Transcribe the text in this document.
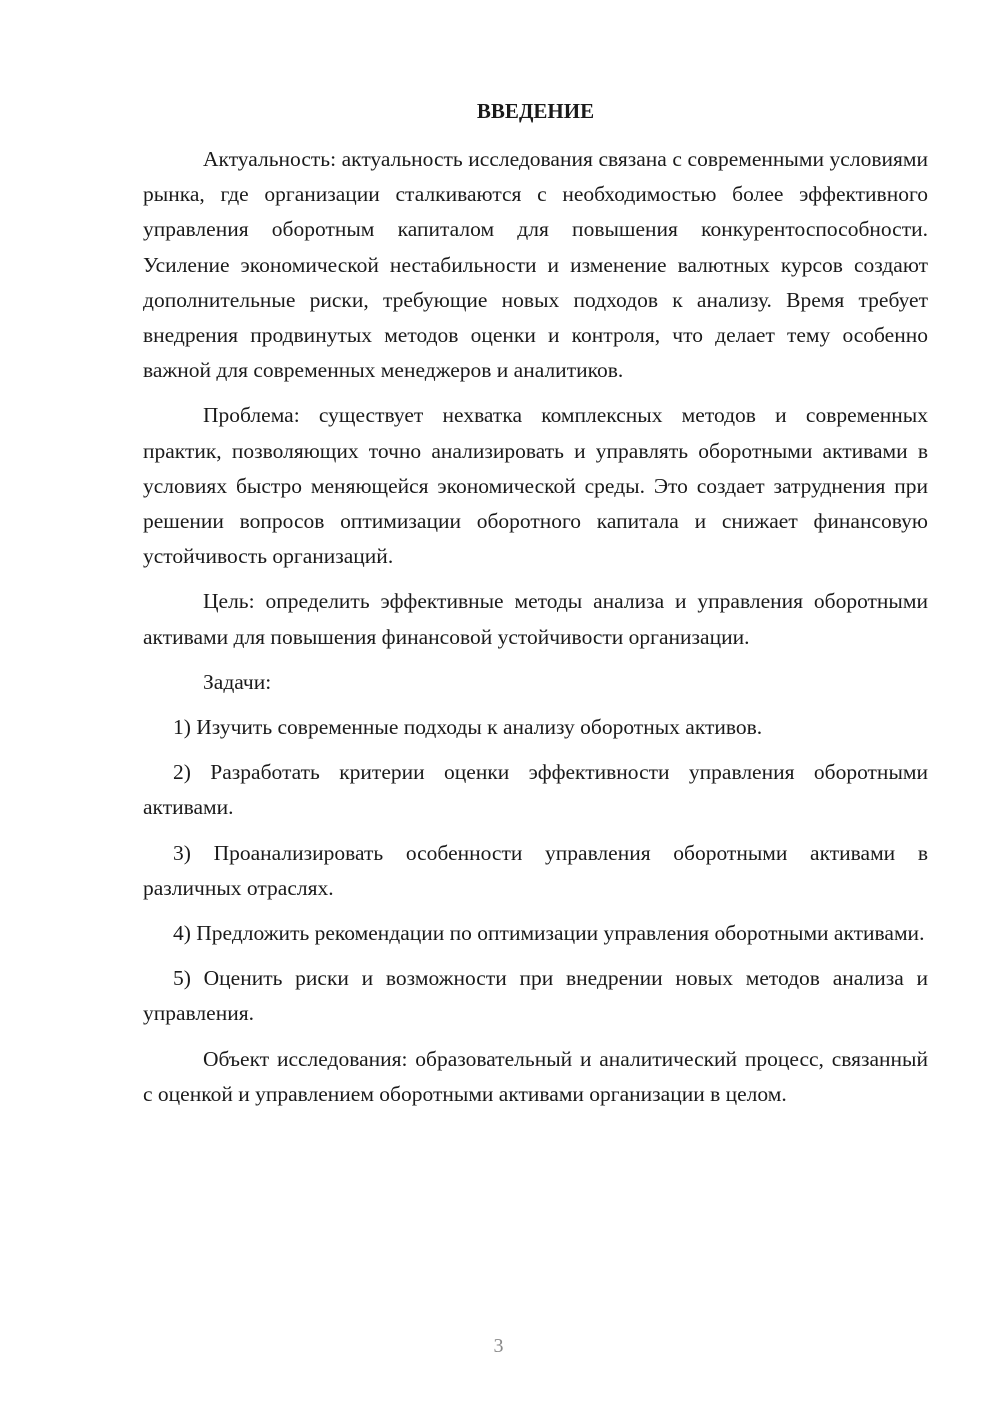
ВВЕДЕНИЕ

Актуальность: актуальность исследования связана с современными условиями рынка, где организации сталкиваются с необходимостью более эффективного управления оборотным капиталом для повышения конкурентоспособности. Усиление экономической нестабильности и изменение валютных курсов создают дополнительные риски, требующие новых подходов к анализу. Время требует внедрения продвинутых методов оценки и контроля, что делает тему особенно важной для современных менеджеров и аналитиков.

Проблема: существует нехватка комплексных методов и современных практик, позволяющих точно анализировать и управлять оборотными активами в условиях быстро меняющейся экономической среды. Это создает затруднения при решении вопросов оптимизации оборотного капитала и снижает финансовую устойчивость организаций.

Цель: определить эффективные методы анализа и управления оборотными активами для повышения финансовой устойчивости организации.

Задачи:

1) Изучить современные подходы к анализу оборотных активов.

2) Разработать критерии оценки эффективности управления оборотными активами.

3) Проанализировать особенности управления оборотными активами в различных отраслях.

4) Предложить рекомендации по оптимизации управления оборотными активами.

5) Оценить риски и возможности при внедрении новых методов анализа и управления.

Объект исследования: образовательный и аналитический процесс, связанный с оценкой и управлением оборотными активами организации в целом.

3
